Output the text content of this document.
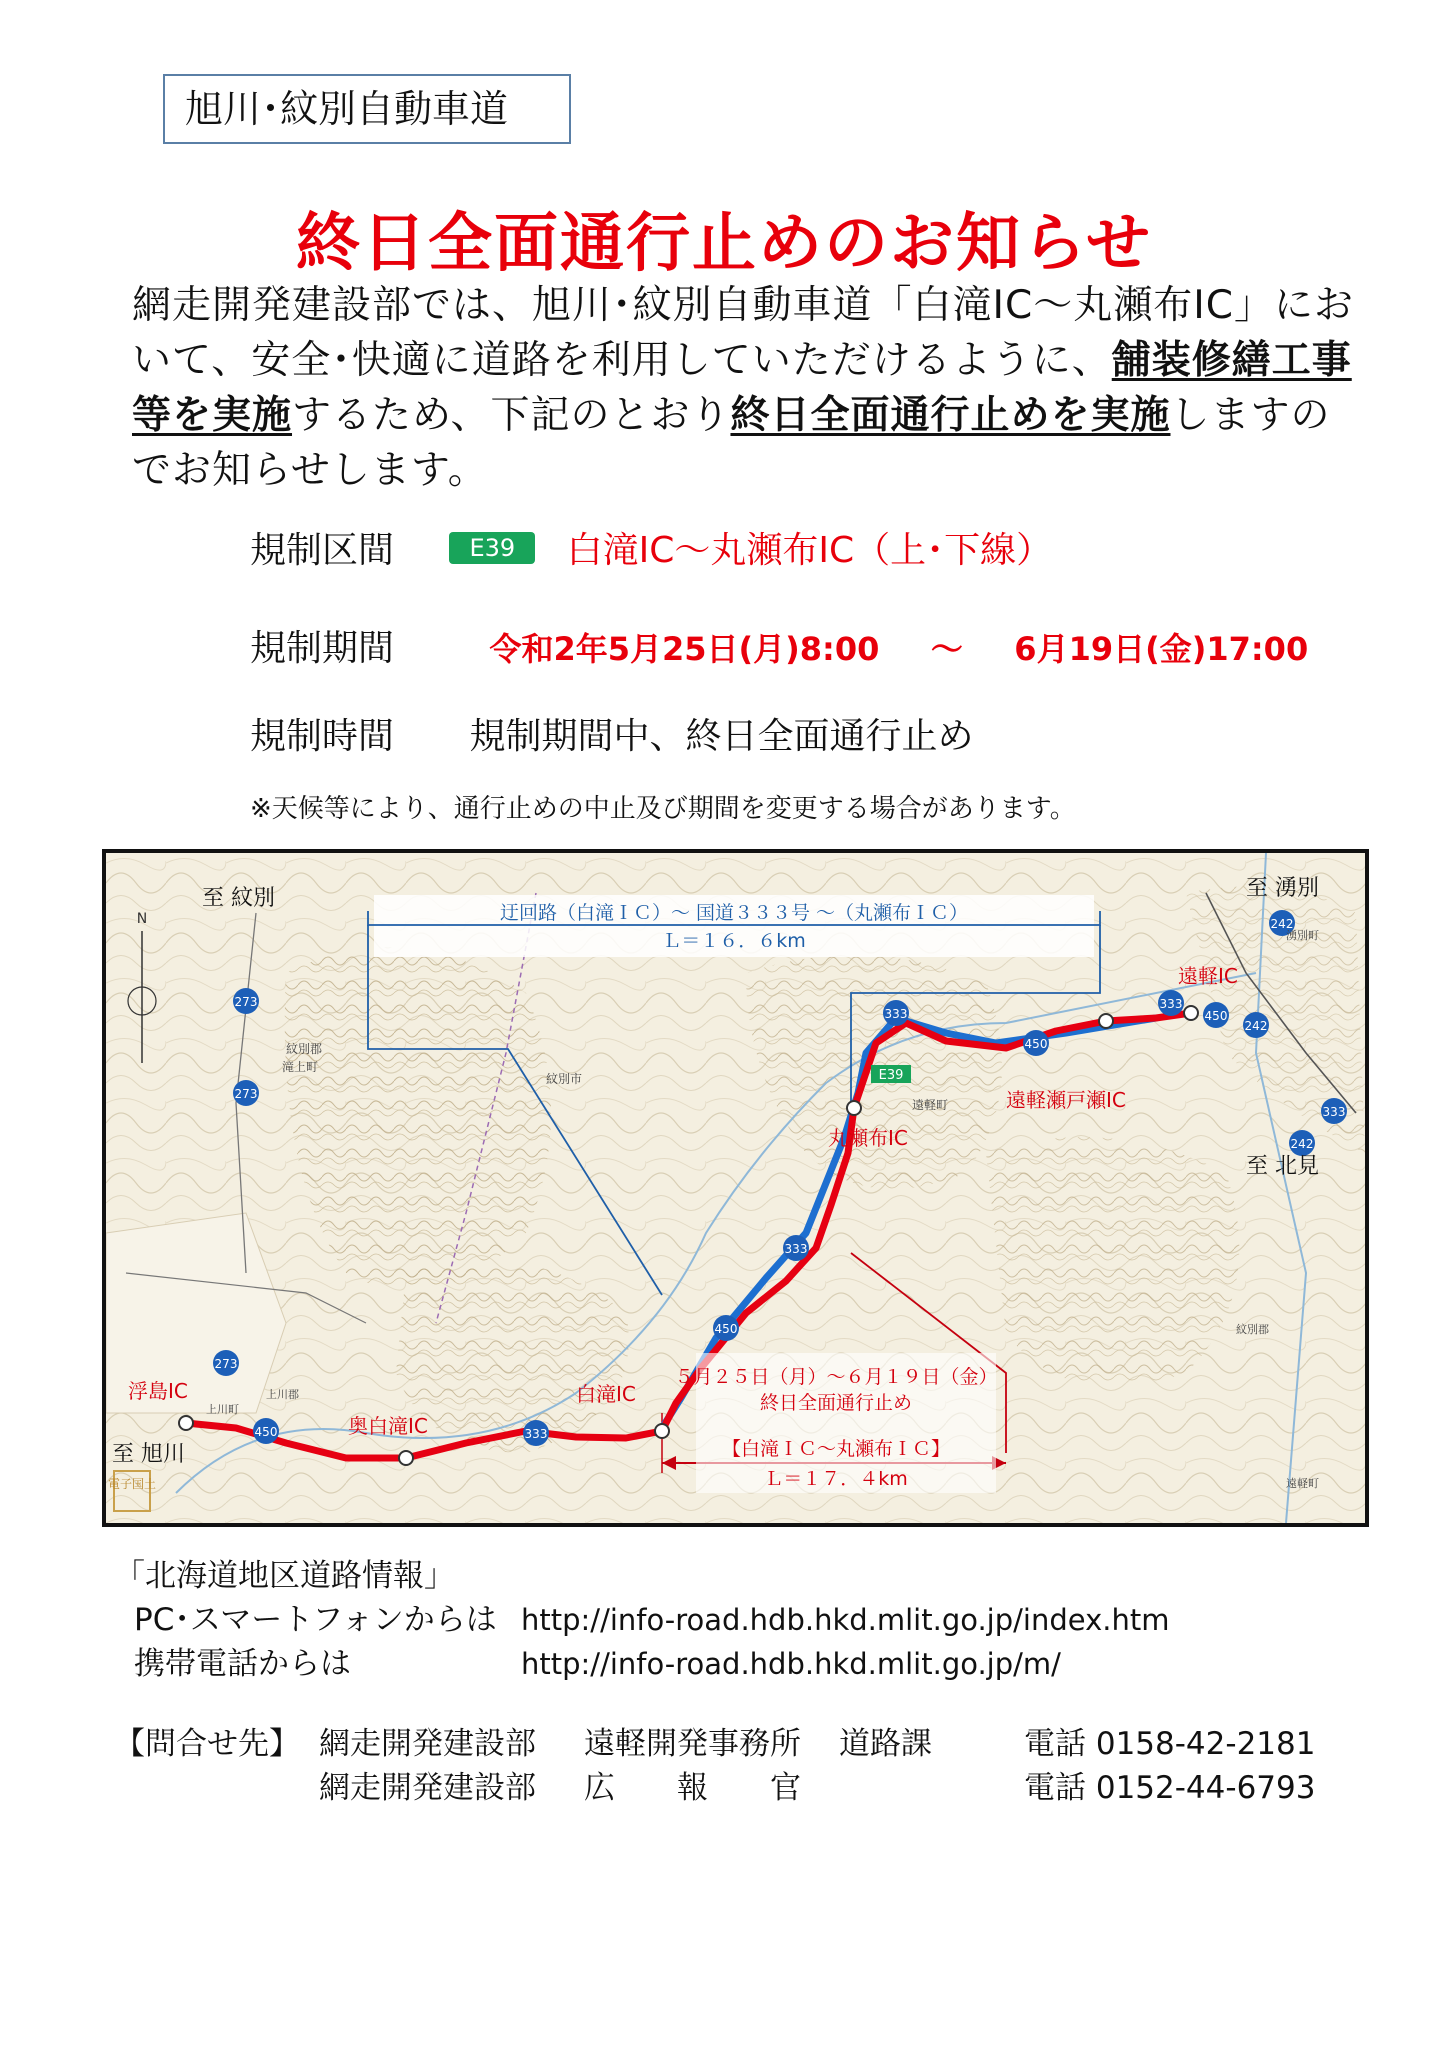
旭川･紋別自動車道
終日全面通行止めのお知らせ
網走開発建設部では、旭川･紋別自動車道「白滝IC～丸瀬布IC」において、安全･快適に道路を利用していただけるように、舗装修繕工事等を実施するため、下記のとおり終日全面通行止めを実施しますのでお知らせします。
規制区間	E39 白滝IC～丸瀬布IC（上･下線）
規制期間	令和2年5月25日(月)8:00 ～ 6月19日(金)17:00
規制時間 規制期間中、終日全面通行止め
※天候等により、通行止めの中止及び期間を変更する場合があります。
273
273
273
450
450
450
450
333
333
333
333
333
242
242
242
E39
N
至 紋別	至 湧別
至 北見
至 旭川
紋別郡
滝上町
紋別市
遠軽町
上川町
上川郡
湧別町
紋別郡
遠軽町
浮島IC
奥白滝IC
白滝IC
丸瀬布IC
遠軽瀬戸瀬IC
遠軽IC
迂回路（白滝ＩＣ）～ 国道３３３号 ～（丸瀬布ＩＣ）
Ｌ＝１６．６km
５月２５日（月）～６月１９日（金）
終日全面通行止め
【白滝ＩＣ～丸瀬布ＩＣ】
Ｌ＝１７．４km
電子国土
「北海道地区道路情報」
PC･スマートフォンからは http://info-road.hdb.hkd.mlit.go.jp/index.htm
携帯電話からは	http://info-road.hdb.hkd.mlit.go.jp/m/
【問合せ先】 網走開発建設部 遠軽開発事務所 道路課	電話 0158-42-2181
網走開発建設部 広　　報　　官	電話 0152-44-6793
